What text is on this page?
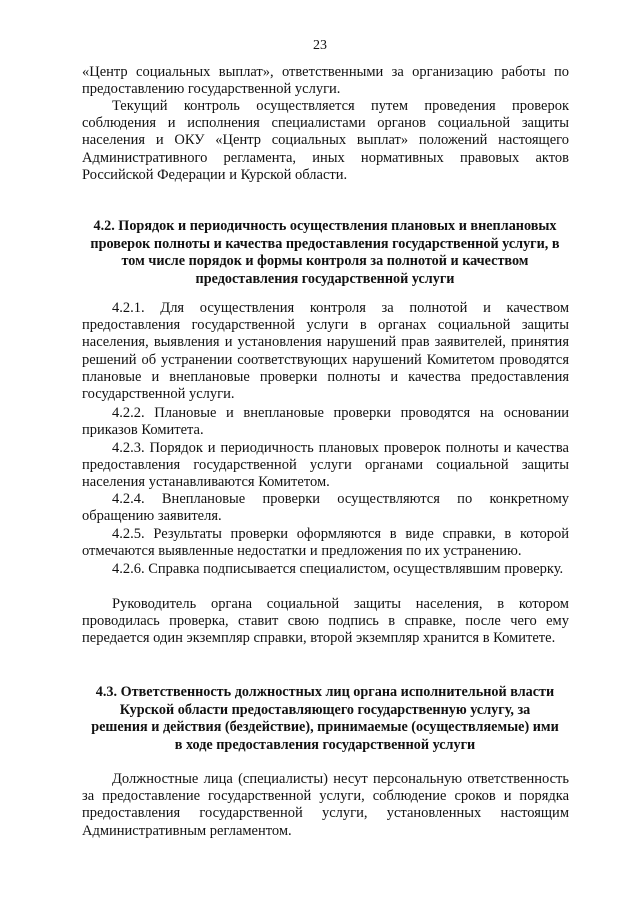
23

«Центр социальных выплат», ответственными за организацию работы по предоставлению государственной услуги.

Текущий контроль осуществляется путем проведения проверок соблюдения и исполнения специалистами органов социальной защиты населения и ОКУ «Центр социальных выплат» положений настоящего Административного регламента, иных нормативных правовых актов Российской Федерации и Курской области.

4.2. Порядок и периодичность осуществления плановых и внеплановых проверок полноты и качества предоставления государственной услуги, в том числе порядок и формы контроля за полнотой и качеством предоставления государственной услуги

4.2.1. Для осуществления контроля за полнотой и качеством предоставления государственной услуги в органах социальной защиты населения, выявления и установления нарушений прав заявителей, принятия решений об устранении соответствующих нарушений Комитетом проводятся плановые и внеплановые проверки полноты и качества предоставления государственной услуги.

4.2.2. Плановые и внеплановые проверки проводятся на основании приказов Комитета.

4.2.3. Порядок и периодичность плановых проверок полноты и качества предоставления государственной услуги органами социальной защиты населения устанавливаются Комитетом.

4.2.4. Внеплановые проверки осуществляются по конкретному обращению заявителя.

4.2.5. Результаты проверки оформляются в виде справки, в которой отмечаются выявленные недостатки и предложения по их устранению.

4.2.6. Справка подписывается специалистом, осуществлявшим проверку.

Руководитель органа социальной защиты населения, в котором проводилась проверка, ставит свою подпись в справке, после чего ему передается один экземпляр справки, второй экземпляр хранится в Комитете.

4.3. Ответственность должностных лиц органа исполнительной власти Курской области предоставляющего государственную услугу, за решения и действия (бездействие), принимаемые (осуществляемые) ими в ходе предоставления государственной услуги

Должностные лица (специалисты) несут персональную ответственность за предоставление государственной услуги, соблюдение сроков и порядка предоставления государственной услуги, установленных настоящим Административным регламентом.
